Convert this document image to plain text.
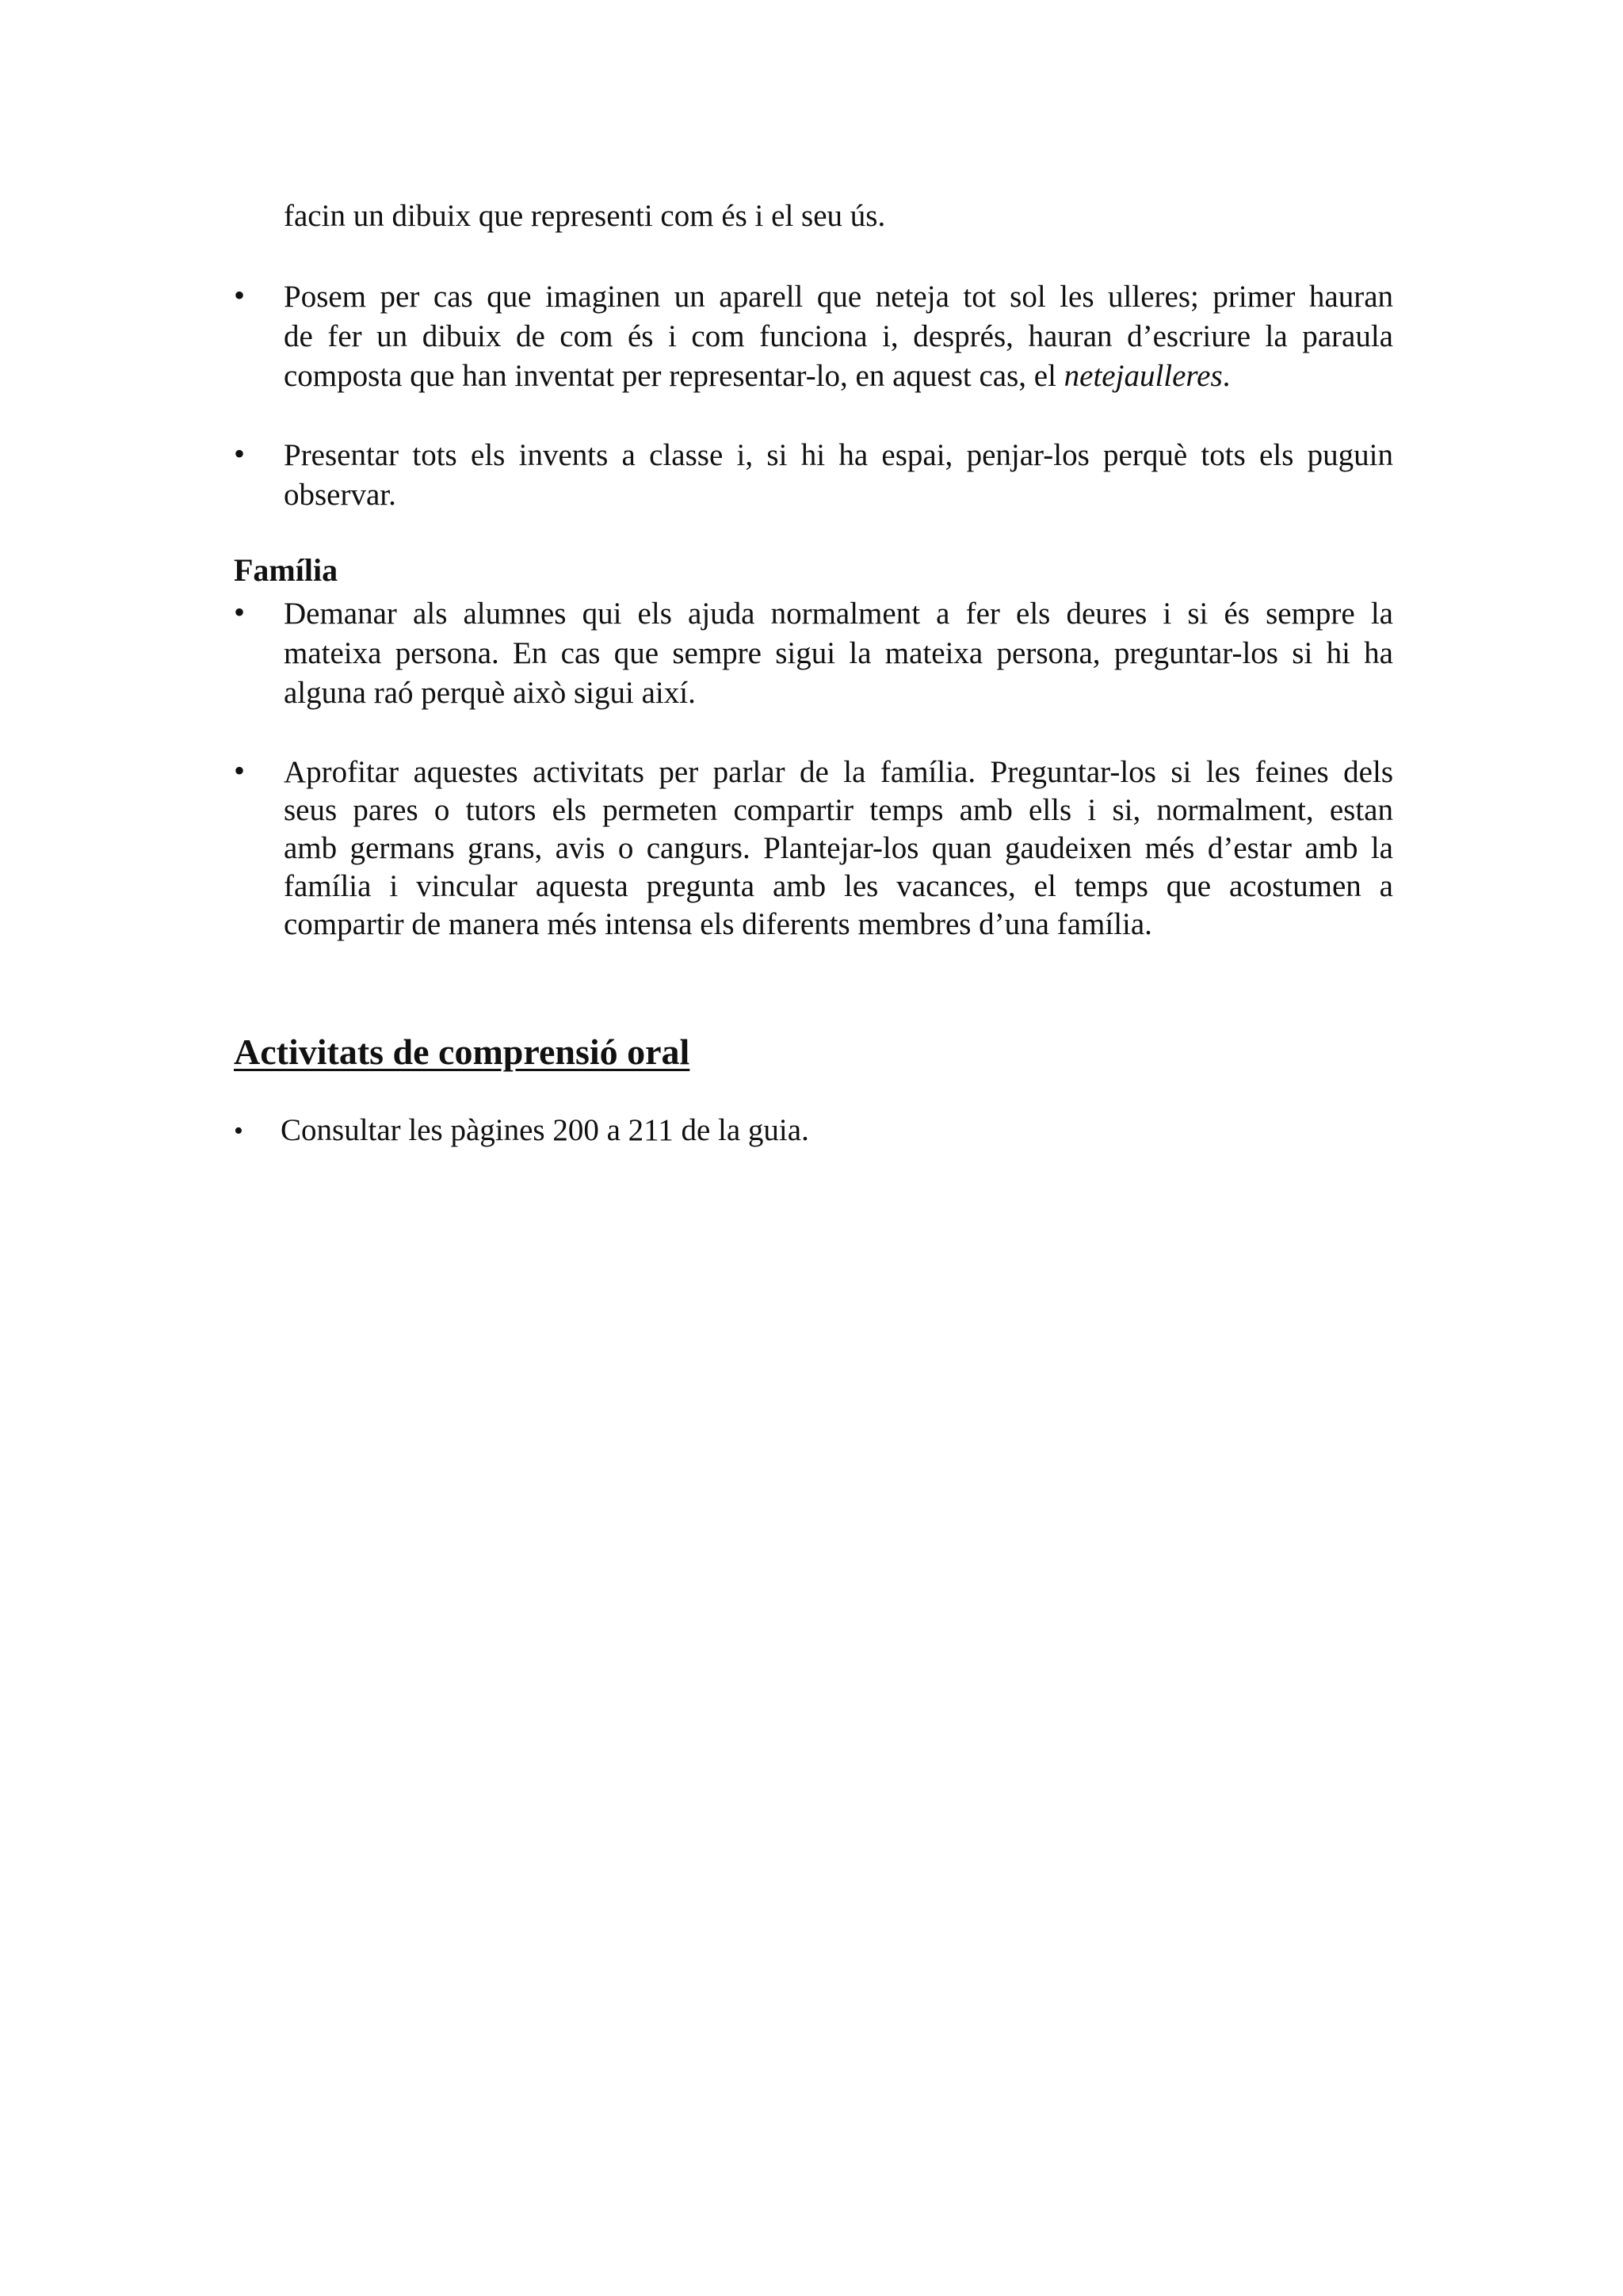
facin un dibuix que representi com és i el seu ús.
• Posem per cas que imaginen un aparell que neteja tot sol les ulleres; primer hauran
de fer un dibuix de com és i com funciona i, després, hauran d’escriure la paraula
composta que han inventat per representar-lo, en aquest cas, el netejaulleres.
• Presentar tots els invents a classe i, si hi ha espai, penjar-los perquè tots els puguin
observar.
Família
• Demanar als alumnes qui els ajuda normalment a fer els deures i si és sempre la
mateixa persona. En cas que sempre sigui la mateixa persona, preguntar-los si hi ha
alguna raó perquè això sigui així.
• Aprofitar aquestes activitats per parlar de la família. Preguntar-los si les feines dels
seus pares o tutors els permeten compartir temps amb ells i si, normalment, estan
amb germans grans, avis o cangurs. Plantejar-los quan gaudeixen més d’estar amb la
família i vincular aquesta pregunta amb les vacances, el temps que acostumen a
compartir de manera més intensa els diferents membres d’una família.
Activitats de comprensió oral
• Consultar les pàgines 200 a 211 de la guia.
